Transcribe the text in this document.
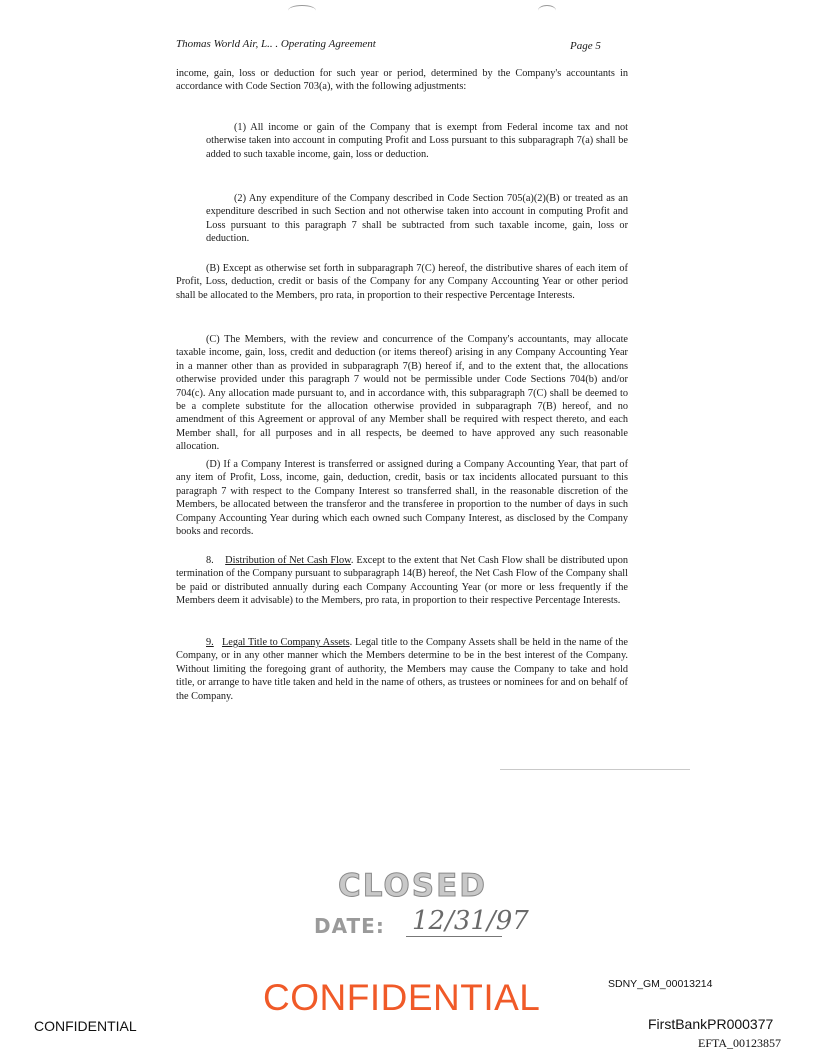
Thomas World Air, L.. . Operating Agreement	Page 5
income, gain, loss or deduction for such year or period, determined by the Company's accountants in accordance with Code Section 703(a), with the following adjustments:
(1) All income or gain of the Company that is exempt from Federal income tax and not otherwise taken into account in computing Profit and Loss pursuant to this subparagraph 7(a) shall be added to such taxable income, gain, loss or deduction.
(2) Any expenditure of the Company described in Code Section 705(a)(2)(B) or treated as an expenditure described in such Section and not otherwise taken into account in computing Profit and Loss pursuant to this paragraph 7 shall be subtracted from such taxable income, gain, loss or deduction.
(B) Except as otherwise set forth in subparagraph 7(C) hereof, the distributive shares of each item of Profit, Loss, deduction, credit or basis of the Company for any Company Accounting Year or other period shall be allocated to the Members, pro rata, in proportion to their respective Percentage Interests.
(C) The Members, with the review and concurrence of the Company's accountants, may allocate taxable income, gain, loss, credit and deduction (or items thereof) arising in any Company Accounting Year in a manner other than as provided in subparagraph 7(B) hereof if, and to the extent that, the allocations otherwise provided under this paragraph 7 would not be permissible under Code Sections 704(b) and/or 704(c). Any allocation made pursuant to, and in accordance with, this subparagraph 7(C) shall be deemed to be a complete substitute for the allocation otherwise provided in subparagraph 7(B) hereof, and no amendment of this Agreement or approval of any Member shall be required with respect thereto, and each Member shall, for all purposes and in all respects, be deemed to have approved any such reasonable allocation.
(D) If a Company Interest is transferred or assigned during a Company Accounting Year, that part of any item of Profit, Loss, income, gain, deduction, credit, basis or tax incidents allocated pursuant to this paragraph 7 with respect to the Company Interest so transferred shall, in the reasonable discretion of the Members, be allocated between the transferor and the transferee in proportion to the number of days in such Company Accounting Year during which each owned such Company Interest, as disclosed by the Company books and records.
8. Distribution of Net Cash Flow. Except to the extent that Net Cash Flow shall be distributed upon termination of the Company pursuant to subparagraph 14(B) hereof, the Net Cash Flow of the Company shall be paid or distributed annually during each Company Accounting Year (or more or less frequently if the Members deem it advisable) to the Members, pro rata, in proportion to their respective Percentage Interests.
9. Legal Title to Company Assets. Legal title to the Company Assets shall be held in the name of the Company, or in any other manner which the Members determine to be in the best interest of the Company. Without limiting the foregoing grant of authority, the Members may cause the Company to take and hold title, or arrange to have title taken and held in the name of others, as trustees or nominees for and on behalf of the Company.
CLOSED
DATE: 12/31/97
CONFIDENTIAL
CONFIDENTIAL
SDNY_GM_00013214
FirstBankPR000377
EFTA_00123857
